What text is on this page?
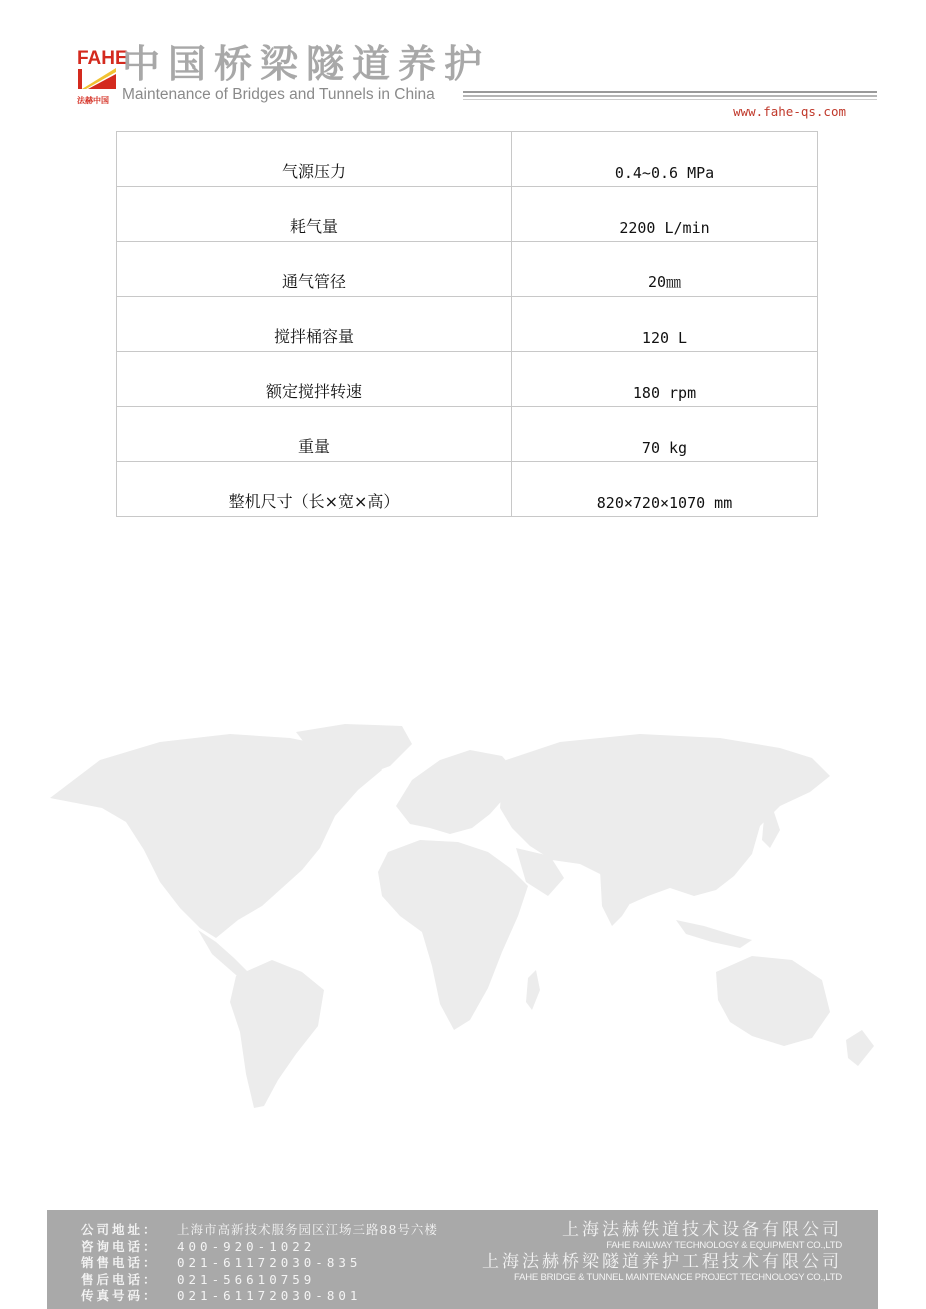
FAHE
法赫中国
中国桥梁隧道养护
Maintenance of Bridges and Tunnels in China
www.fahe-qs.com
气源压力	0.4~0.6 MPa
耗气量	2200 L/min
通气管径	20㎜
搅拌桶容量	120 L
额定搅拌转速	180 rpm
重量	70 kg
整机尺寸（长×宽×高）	820×720×1070 mm
公司地址： 上海市高新技术服务园区江场三路88号六楼
咨询电话： 400-920-1022
销售电话： 021-61172030-835
售后电话： 021-56610759
传真号码： 021-61172030-801
上海法赫铁道技术设备有限公司
FAHE RAILWAY TECHNOLOGY & EQUIPMENT CO.,LTD
上海法赫桥梁隧道养护工程技术有限公司
FAHE BRIDGE & TUNNEL MAINTENANCE PROJECT TECHNOLOGY CO.,LTD
